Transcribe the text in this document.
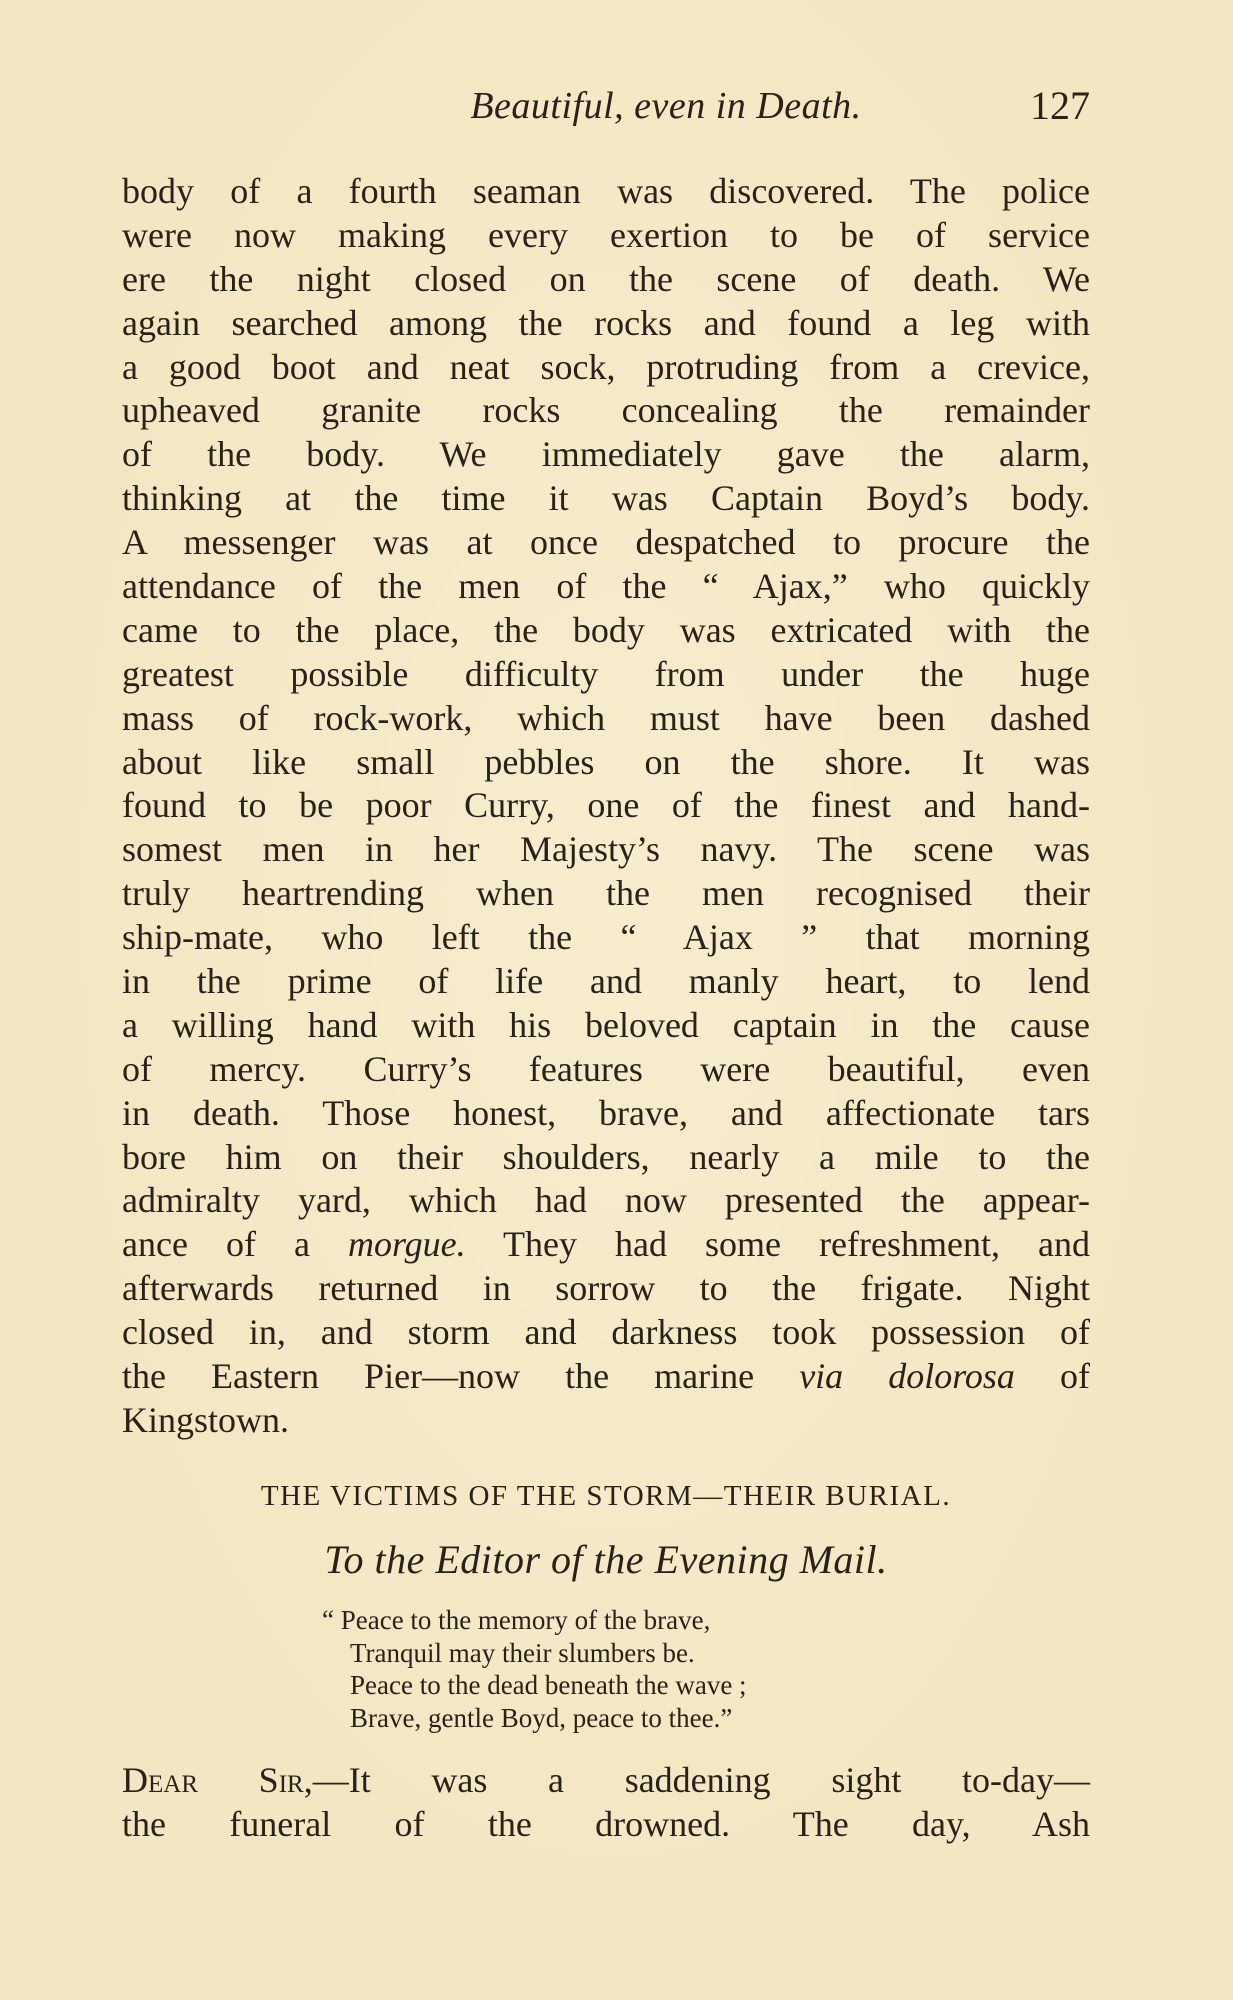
Beautiful, even in Death.	127
body of a fourth seaman was discovered. The police
were now making every exertion to be of service
ere the night closed on the scene of death. We
again searched among the rocks and found a leg with
a good boot and neat sock, protruding from a crevice,
upheaved granite rocks concealing the remainder
of the body. We immediately gave the alarm,
thinking at the time it was Captain Boyd’s body.
A messenger was at once despatched to procure the
attendance of the men of the “ Ajax,” who quickly
came to the place, the body was extricated with the
greatest possible difficulty from under the huge
mass of rock-work, which must have been dashed
about like small pebbles on the shore. It was
found to be poor Curry, one of the finest and hand-
somest men in her Majesty’s navy. The scene was
truly heartrending when the men recognised their
ship-mate, who left the “ Ajax ” that morning
in the prime of life and manly heart, to lend
a willing hand with his beloved captain in the cause
of mercy. Curry’s features were beautiful, even
in death. Those honest, brave, and affectionate tars
bore him on their shoulders, nearly a mile to the
admiralty yard, which had now presented the appear-
ance of a morgue. They had some refreshment, and
afterwards returned in sorrow to the frigate. Night
closed in, and storm and darkness took possession of
the Eastern Pier—now the marine via dolorosa of
Kingstown.
THE VICTIMS OF THE STORM—THEIR BURIAL.
To the Editor of the Evening Mail.
“ Peace to the memory of the brave,
Tranquil may their slumbers be.
Peace to the dead beneath the wave ;
Brave, gentle Boyd, peace to thee.”
Dear Sir,—It was a saddening sight to-day—
the funeral of the drowned. The day, Ash
